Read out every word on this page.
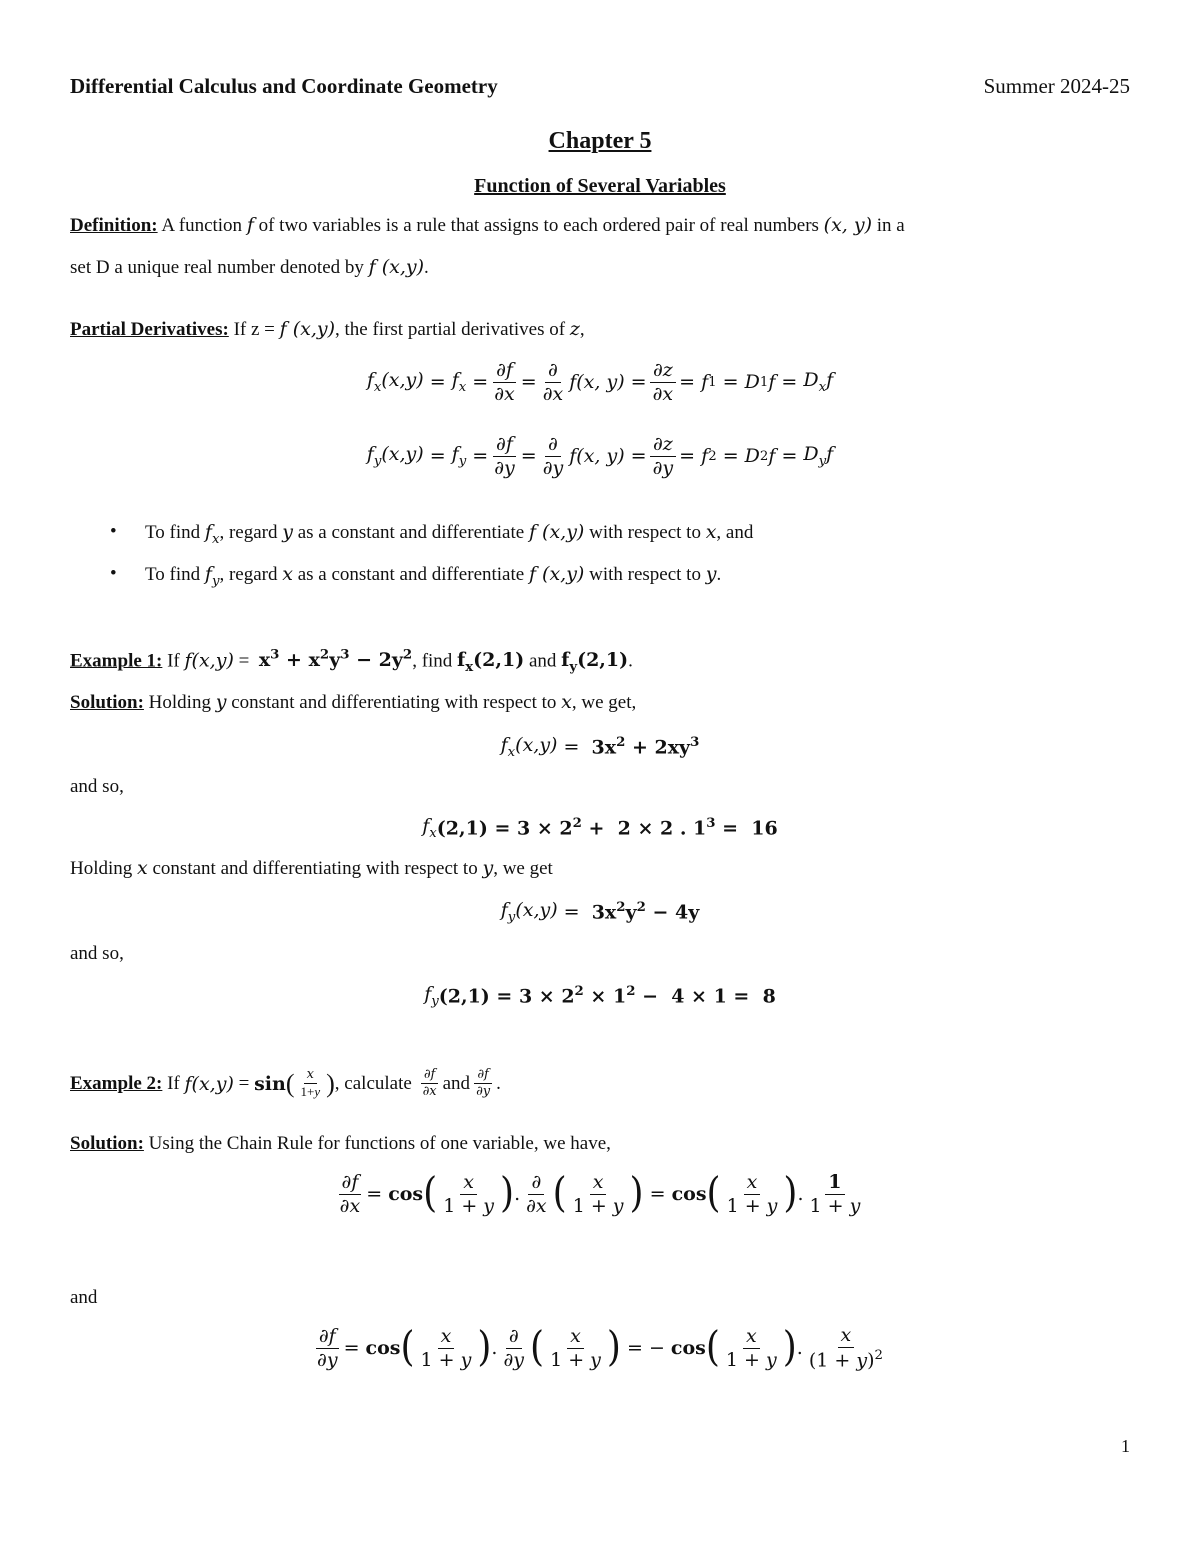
Differential Calculus and Coordinate Geometry	Summer 2024-25
Chapter 5
Function of Several Variables
Definition: A function f of two variables is a rule that assigns to each ordered pair of real numbers (x, y) in a
set D a unique real number denoted by f (x,y).
Partial Derivatives: If z = f (x,y), the first partial derivatives of z,
$f_x(x,y) = f_x = \frac{\partial f}{\partial x} = \frac{\partial}{\partial x} f(x$, $y) = \frac{\partial z}{\partial x} = f$ 1 = D 1 $f = D_xf$
$f_y(x,y) = f_y = \frac{\partial f}{\partial y} = \frac{\partial}{\partial y} f(x$, $y) = \frac{\partial z}{\partial y} = f$ 2 = D 2 $f = D_yf$
• To find $f_x$, regard y as a constant and differentiate f (x,y) with respect to x, and
• To find $f_y$, regard x as a constant and differentiate f (x,y) with respect to y.
Example 1: If $f(x,y) = x^3 + x^2y^3 - 2y^2$, find $f_x(2,1)$ and $f_y(2,1)$.
Solution: Holding y constant and differentiating with respect to x, we get,
$f_x(x,y) = 3x^2 + 2xy^3$
and so,
$f_x$ $(2,1) = 3 \times 2^2 + 2 \times 2$ . $1^3 = 16$
Holding x constant and differentiating with respect to y, we get
$f_y(x,y) = 3x^2y^2 - 4y$
and so,
$f_y$ $(2,1) = 3 \times 2^2 \times 1^2 - 4 \times 1 = 8$
Example 2:
If
f(x,y) = sin ( $\frac{x}{1+y}$ ) , calculate
$\frac{\partial f}{\partial x}$ and $\frac{\partial f}{\partial y}$ .
Solution: Using the Chain Rule for functions of one variable, we have,
$\frac{\partial f}{\partial x} = \cos$ ( $\frac{x}{1 + y}$ ) . $\frac{\partial}{\partial x}$ ( $\frac{x}{1 + y}$ ) = cos ( $\frac{x}{1 + y}$ ) . $\frac{1}{1 + y}$
and
$\frac{\partial f}{\partial y} = \cos$ ( $\frac{x}{1 + y}$ ) . $\frac{\partial}{\partial y}$ ( $\frac{x}{1 + y}$ ) = − cos ( $\frac{x}{1 + y}$ ) . $\frac{x}{(1 + y)^2}$
1
